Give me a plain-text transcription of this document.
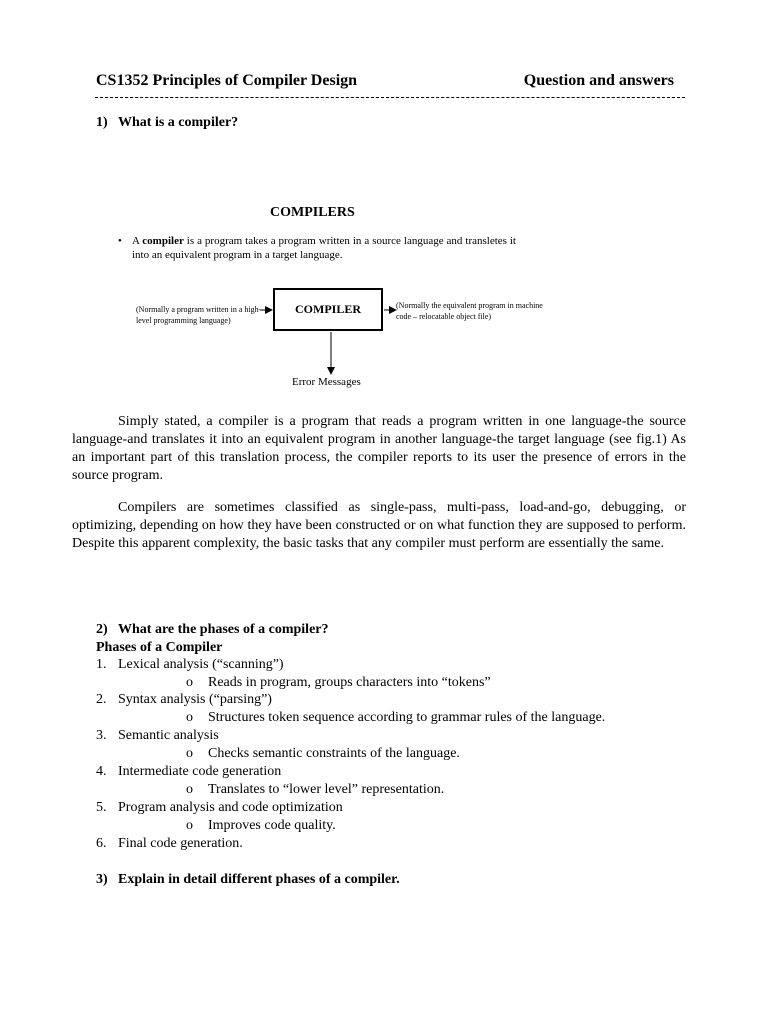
CS1352 Principles of Compiler Design	Question and answers
1) What is a compiler?
COMPILERS
• A compiler is a program takes a program written in a source language and transletes it into an equivalent program in a target language.
(Normally a program written in a high-level programming language)
COMPILER	(Normally the equivalent program in machine code – relocatable object file)
Error Messages
Simply stated, a compiler is a program that reads a program written in one language-the source language-and translates it into an equivalent program in another language-the target language (see fig.1) As an important part of this translation process, the compiler reports to its user the presence of errors in the source program.
Compilers are sometimes classified as single-pass, multi-pass, load-and-go, debugging, or optimizing, depending on how they have been constructed or on what function they are supposed to perform. Despite this apparent complexity, the basic tasks that any compiler must perform are essentially the same.
2) What are the phases of a compiler?
Phases of a Compiler
1. Lexical analysis (“scanning”)
o Reads in program, groups characters into “tokens”
2. Syntax analysis (“parsing”)
o Structures token sequence according to grammar rules of the language.
3. Semantic analysis
o Checks semantic constraints of the language.
4. Intermediate code generation
o Translates to “lower level” representation.
5. Program analysis and code optimization
o Improves code quality.
6. Final code generation.
3) Explain in detail different phases of a compiler.
